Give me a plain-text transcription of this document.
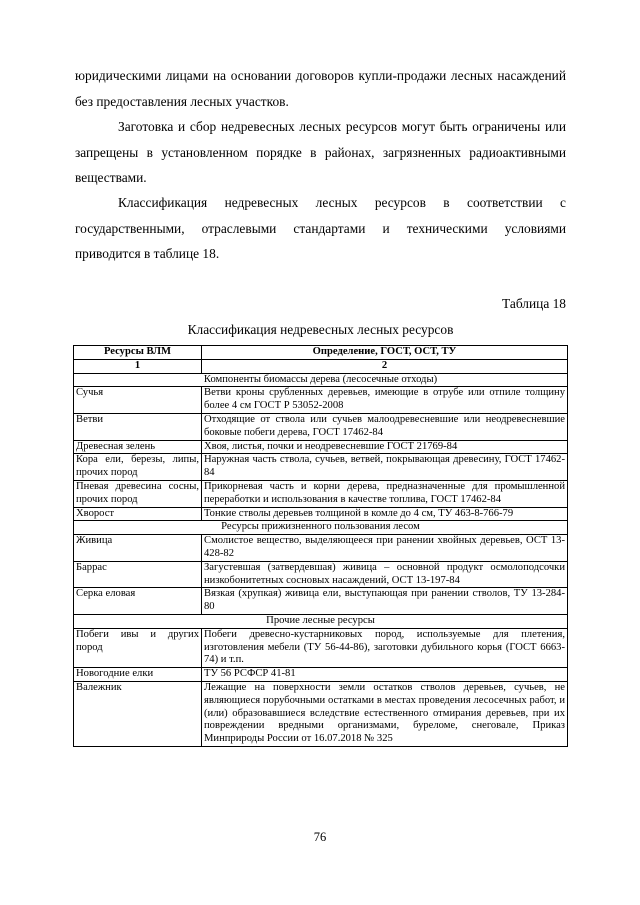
юридическими лицами на основании договоров купли-продажи лесных насаждений без предоставления лесных участков.

Заготовка и сбор недревесных лесных ресурсов могут быть ограничены или запрещены в установленном порядке в районах, загрязненных радиоактивными веществами.

Классификация недревесных лесных ресурсов в соответствии с государственными, отраслевыми стандартами и техническими условиями приводится в таблице 18.

Таблица 18

Классификация недревесных лесных ресурсов

Ресурсы ВЛМ	Определение, ГОСТ, ОСТ, ТУ
1	2
Компоненты биомассы дерева (лесосечные отходы)	
Сучья	Ветви кроны срубленных деревьев, имеющие в отрубе или отпиле толщину более 4 см ГОСТ Р 53052-2008
Ветви	Отходящие от ствола или сучьев малоодревесневшие или неодревесневшие боковые побеги дерева, ГОСТ 17462-84
Древесная зелень	Хвоя, листья, почки и неодревесневшие ГОСТ 21769-84
Кора ели, березы, липы, прочих пород	Наружная часть ствола, сучьев, ветвей, покрывающая древесину, ГОСТ 17462-84
Пневая древесина сосны, прочих пород	Прикорневая часть и корни дерева, предназначенные для промышленной переработки и использования в качестве топлива, ГОСТ 17462-84
Хворост	Тонкие стволы деревьев толщиной в комле до 4 см, ТУ 463-8-766-79
Ресурсы прижизненного пользования лесом	
Живица	Смолистое вещество, выделяющееся при ранении хвойных деревьев, ОСТ 13-428-82
Баррас	Загустевшая (затвердевшая) живица – основной продукт осмолоподсочки низкобонитетных сосновых насаждений, ОСТ 13-197-84
Серка еловая	Вязкая (хрупкая) живица ели, выступающая при ранении стволов, ТУ 13-284-80
Прочие лесные ресурсы	
Побеги ивы и других пород	Побеги древесно-кустарниковых пород, используемые для плетения, изготовления мебели (ТУ 56-44-86), заготовки дубильного корья (ГОСТ 6663-74) и т.п.
Новогодние елки	ТУ 56 РСФСР 41-81
Валежник	Лежащие на поверхности земли остатков стволов деревьев, сучьев, не являющиеся порубочными остатками в местах проведения лесосечных работ, и (или) образовавшиеся вследствие естественного отмирания деревьев, при их повреждении вредными организмами, буреломе, снеговале, Приказ Минприроды России от 16.07.2018 № 325

76
